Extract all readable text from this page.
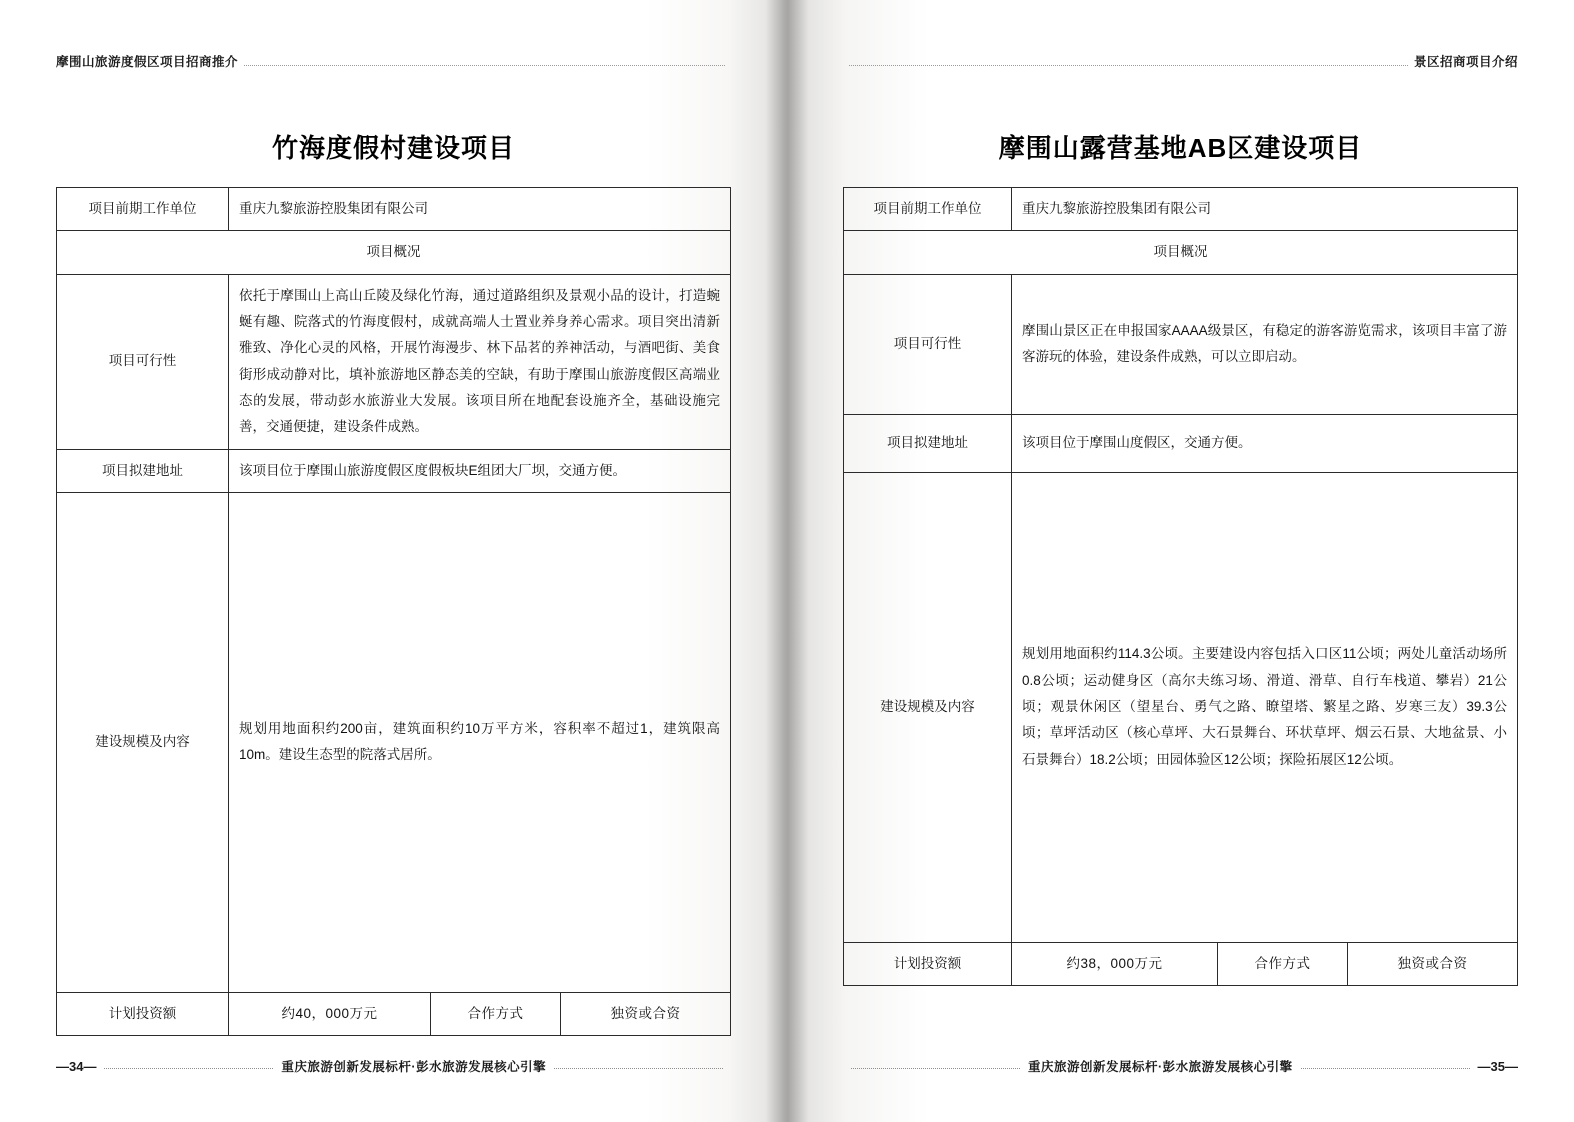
摩围山旅游度假区项目招商推介
竹海度假村建设项目
项目前期工作单位	重庆九黎旅游控股集团有限公司		
项目概况			
项目可行性	依托于摩围山上高山丘陵及绿化竹海，通过道路组织及景观小品的设计，打造蜿蜒有趣、院落式的竹海度假村，成就高端人士置业养身养心需求。项目突出清新雅致、净化心灵的风格，开展竹海漫步、林下品茗的养神活动，与酒吧街、美食街形成动静对比，填补旅游地区静态美的空缺，有助于摩围山旅游度假区高端业态的发展，带动彭水旅游业大发展。该项目所在地配套设施齐全，基础设施完善，交通便捷，建设条件成熟。		
项目拟建地址	该项目位于摩围山旅游度假区度假板块E组团大厂坝，交通方便。		
建设规模及内容	规划用地面积约200亩，建筑面积约10万平方米，容积率不超过1，建筑限高10m。建设生态型的院落式居所。		
计划投资额	约40，000万元	合作方式	独资或合资
—34—	重庆旅游创新发展标杆·彭水旅游发展核心引擎
景区招商项目介绍
摩围山露营基地AB区建设项目
项目前期工作单位	重庆九黎旅游控股集团有限公司		
项目概况			
项目可行性	摩围山景区正在申报国家AAAA级景区，有稳定的游客游览需求，该项目丰富了游客游玩的体验，建设条件成熟，可以立即启动。		
项目拟建地址	该项目位于摩围山度假区，交通方便。		
建设规模及内容	规划用地面积约114.3公顷。主要建设内容包括入口区11公顷；两处儿童活动场所0.8公顷；运动健身区（高尔夫练习场、滑道、滑草、自行车栈道、攀岩）21公顷；观景休闲区（望星台、勇气之路、瞭望塔、繁星之路、岁寒三友）39.3公顷；草坪活动区（核心草坪、大石景舞台、环状草坪、烟云石景、大地盆景、小石景舞台）18.2公顷；田园体验区12公顷；探险拓展区12公顷。		
计划投资额	约38，000万元	合作方式	独资或合资
重庆旅游创新发展标杆·彭水旅游发展核心引擎	—35—
